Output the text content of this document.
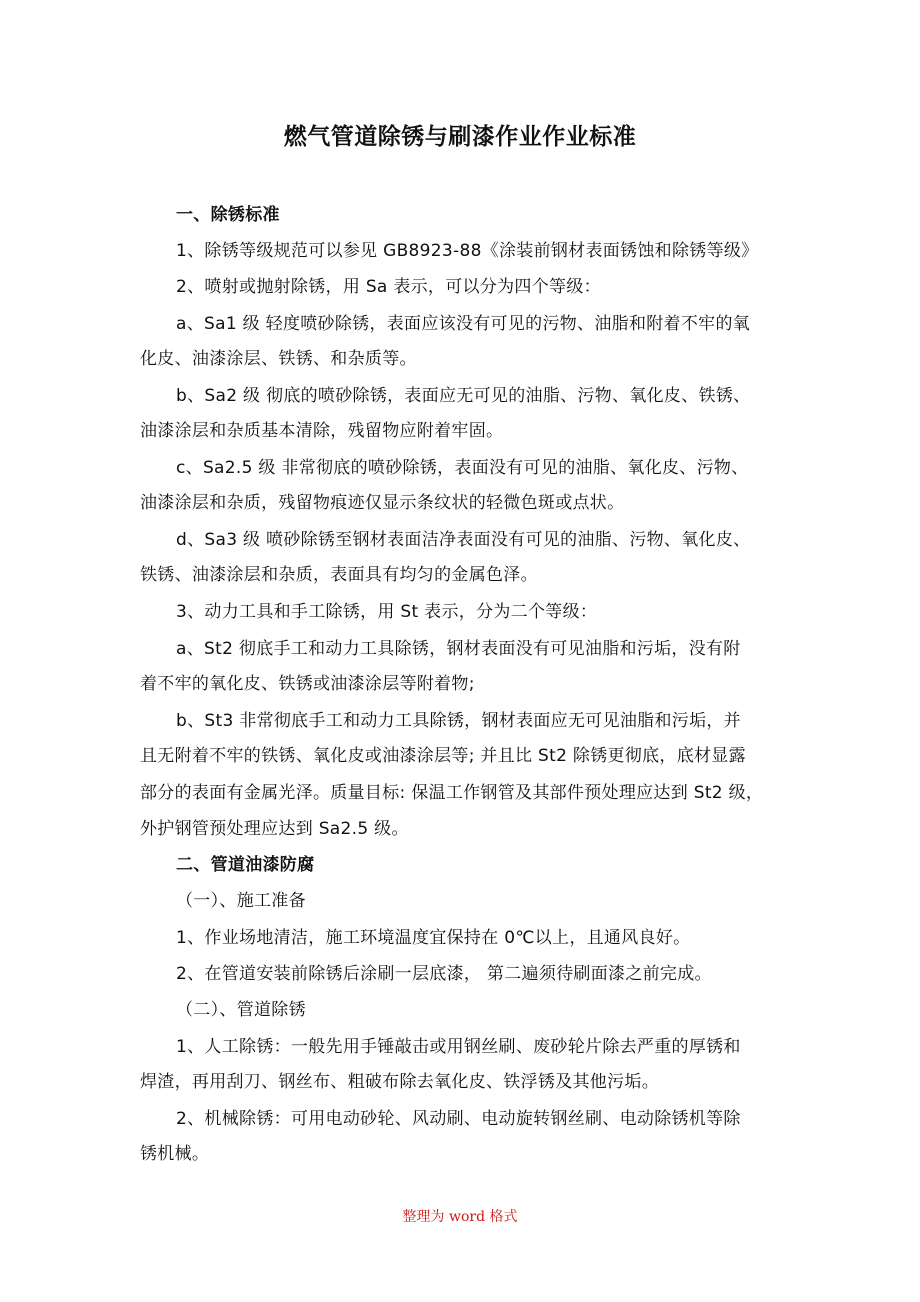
燃气管道除锈与刷漆作业作业标准
一、除锈标准
1、除锈等级规范可以参见 GB8923-88《涂装前钢材表面锈蚀和除锈等级》
2、喷射或抛射除锈，用 Sa 表示，可以分为四个等级：
a、Sa1 级 轻度喷砂除锈，表面应该没有可见的污物、油脂和附着不牢的氧
化皮、油漆涂层、铁锈、和杂质等。
b、Sa2 级 彻底的喷砂除锈，表面应无可见的油脂、污物、氧化皮、铁锈、
油漆涂层和杂质基本清除，残留物应附着牢固。
c、Sa2.5 级 非常彻底的喷砂除锈，表面没有可见的油脂、氧化皮、污物、
油漆涂层和杂质，残留物痕迹仅显示条纹状的轻微色斑或点状。
d、Sa3 级 喷砂除锈至钢材表面洁净表面没有可见的油脂、污物、氧化皮、
铁锈、油漆涂层和杂质，表面具有均匀的金属色泽。
3、动力工具和手工除锈，用 St 表示，分为二个等级：
a、St2 彻底手工和动力工具除锈，钢材表面没有可见油脂和污垢，没有附
着不牢的氧化皮、铁锈或油漆涂层等附着物;
b、St3 非常彻底手工和动力工具除锈，钢材表面应无可见油脂和污垢，并
且无附着不牢的铁锈、氧化皮或油漆涂层等; 并且比 St2 除锈更彻底，底材显露
部分的表面有金属光泽。质量目标: 保温工作钢管及其部件预处理应达到 St2 级，
外护钢管预处理应达到 Sa2.5 级。
二、管道油漆防腐
（一）、施工准备
1、作业场地清洁，施工环境温度宜保持在 0℃以上，且通风良好。
2、在管道安装前除锈后涂刷一层底漆， 第二遍须待刷面漆之前完成。
（二）、管道除锈
1、人工除锈：一般先用手锤敲击或用钢丝刷、废砂轮片除去严重的厚锈和
焊渣，再用刮刀、钢丝布、粗破布除去氧化皮、铁浮锈及其他污垢。
2、机械除锈：可用电动砂轮、风动刷、电动旋转钢丝刷、电动除锈机等除
锈机械。
整理为 word 格式
